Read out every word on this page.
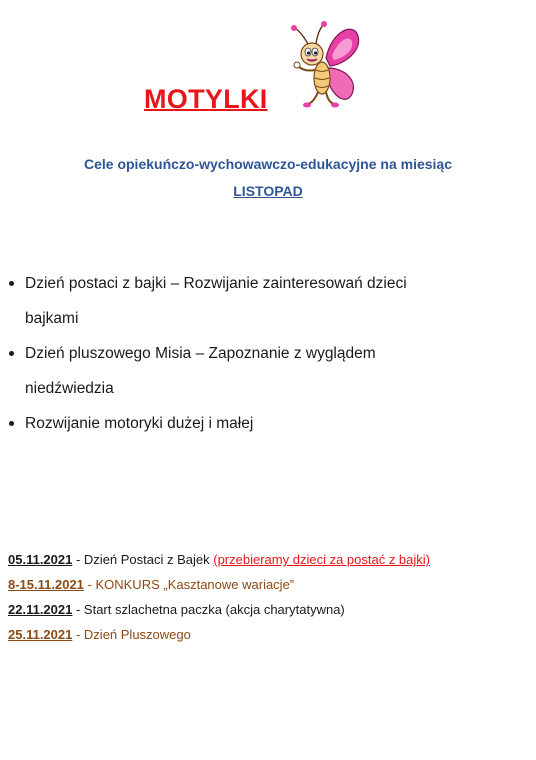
MOTYLKI
Cele opiekuńczo-wychowawczo-edukacyjne na miesiąc
LISTOPAD
Dzień postaci z bajki – Rozwijanie zainteresowań dzieci
bajkami
Dzień pluszowego Misia – Zapoznanie z wyglądem
niedźwiedzia
Rozwijanie motoryki dużej i małej
05.11.2021 - Dzień Postaci z Bajek (przebieramy dzieci za postać z bajki)
8-15.11.2021 - KONKURS „Kasztanowe wariacje”
22.11.2021 - Start szlachetna paczka (akcja charytatywna)
25.11.2021 - Dzień Pluszowego
